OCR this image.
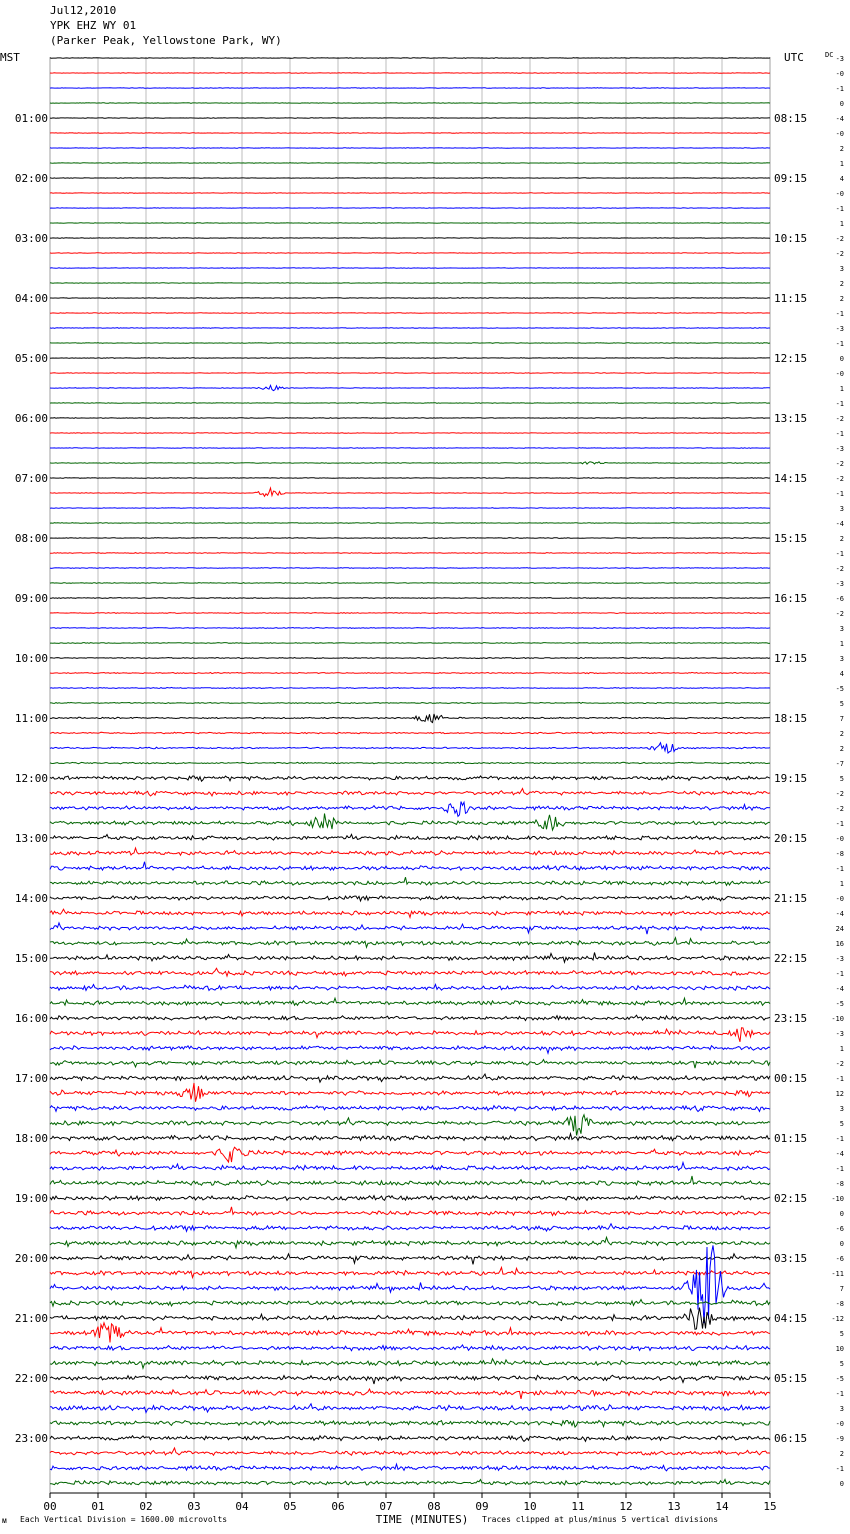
Jul12,2010
YPK EHZ WY 01
(Parker Peak, Yellowstone Park, WY)
MST	UTC	DC
00	01	02	03	04	05	06	07	08	09	10	11	12	13	14	15
-3
-0
-1
0
-4
-0
2
1
4
-0
-1
1
-2
-2
3
2
2
-1
-3
-1
0
-0
1
-1
-2
-1
-3
-2
-2
-1
3
-4
2
-1
-2
-3
-6
-2
3
1
3
4
-5
5
7
2
2
-7
5
-2
-2
-1
-0
-8
-1
1
-0
-4
24
16
-3
-1
-4
-5
-10
-3
1
-2
-1
12
3
5
-1
-4
-1
-8
-10
0
-6
0
-6
-11
7
-8
-12
5
10
5
-5
-1
3
-0
-9
2
-1
0
01:00
02:00
03:00
04:00
05:00
06:00
07:00
08:00
09:00
10:00
11:00
12:00
13:00
14:00
15:00
16:00
17:00
18:00
19:00
20:00
21:00
22:00
23:00
08:15
09:15
10:15
11:15
12:15
13:15
14:15
15:15
16:15
17:15
18:15
19:15
20:15
21:15
22:15
23:15
00:15
01:15
02:15
03:15
04:15
05:15
06:15
TIME (MINUTES)
ᴍ Each Vertical Division = 1600.00 microvolts	Traces clipped at plus/minus 5 vertical divisions
